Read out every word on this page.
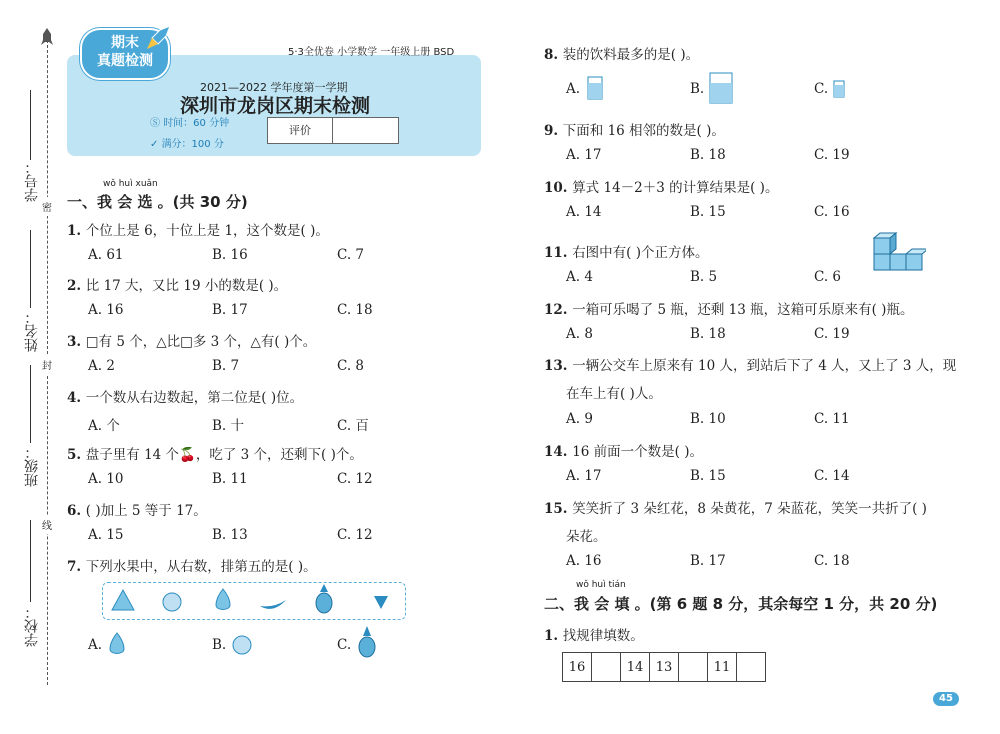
学号：
姓名：
班级：
学校：
密
封
线
期末
真题检测
5·3全优卷 小学数学 一年级上册 BSD
2021—2022 学年度第一学期
深圳市龙岗区期末检测
Ⓢ 时间：60 分钟
✓ 满分：100 分
评价
wǒ huì xuǎn
一、我 会 选 。(共 30 分)
1. 个位上是 6，十位上是 1，这个数是( )。
A. 61	B. 16	C. 7
2. 比 17 大，又比 19 小的数是( )。
A. 16	B. 17	C. 18
3. □有 5 个，△比□多 3 个，△有( )个。
A. 2	B. 7	C. 8
4. 一个数从右边数起，第二位是( )位。
A. 个	B. 十	C. 百
5. 盘子里有 14 个🍒，吃了 3 个，还剩下( )个。
A. 10	B. 11	C. 12
6. ( )加上 5 等于 17。
A. 15	B. 13	C. 12
7. 下列水果中，从右数，排第五的是( )。
A.	B.	C.
8. 装的饮料最多的是( )。
A.	B.	C.
9. 下面和 16 相邻的数是( )。
A. 17	B. 18	C. 19
10. 算式 14－2＋3 的计算结果是( )。
A. 14	B. 15	C. 16
11. 右图中有( )个正方体。
A. 4	B. 5	C. 6
12. 一箱可乐喝了 5 瓶，还剩 13 瓶，这箱可乐原来有( )瓶。
A. 8	B. 18	C. 19
13. 一辆公交车上原来有 10 人，到站后下了 4 人，又上了 3 人，现
在车上有( )人。
A. 9	B. 10	C. 11
14. 16 前面一个数是( )。
A. 17	B. 15	C. 14
15. 笑笑折了 3 朵红花，8 朵黄花，7 朵蓝花，笑笑一共折了( )
朵花。
A. 16	B. 17	C. 18
wǒ huì tián
二、我 会 填 。(第 6 题 8 分，其余每空 1 分，共 20 分)
1. 找规律填数。
16		14	13		11	
45
